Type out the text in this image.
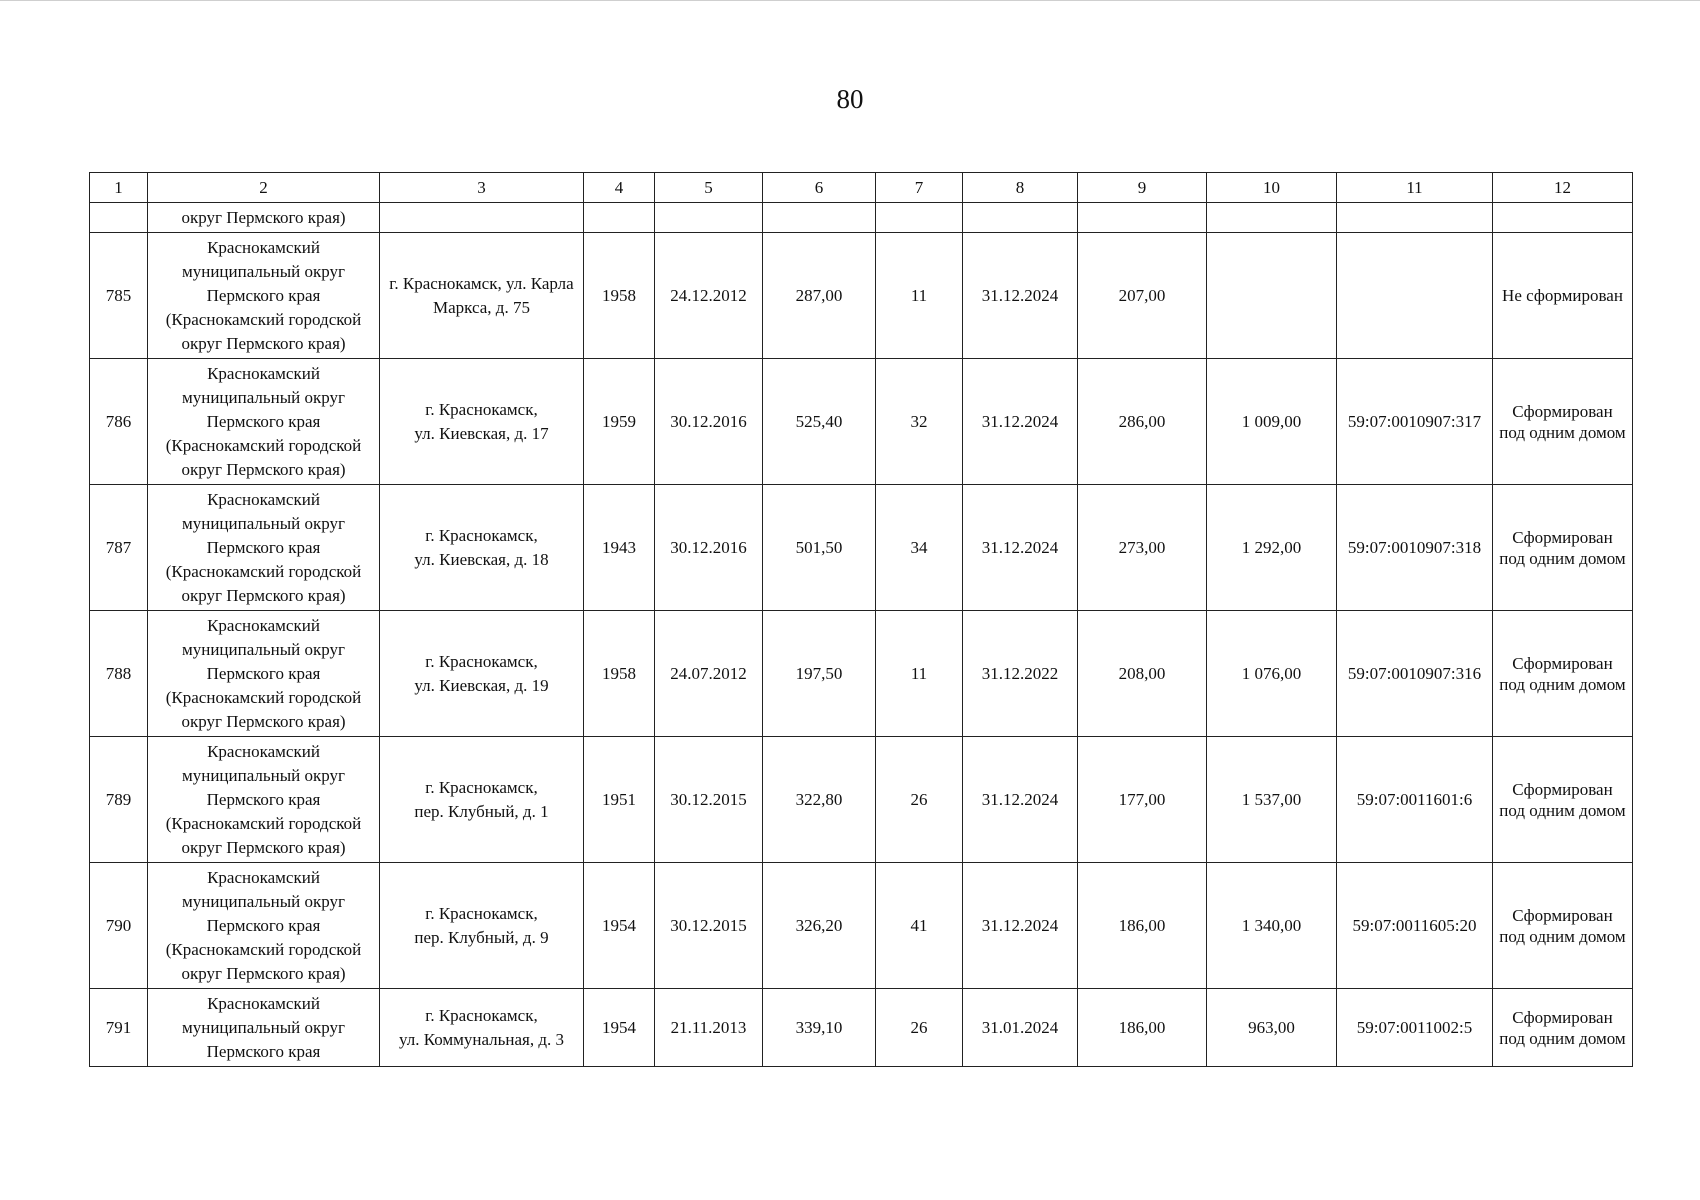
80
1	2	3	4	5	6	7	8	9	10	11	12
	округ Пермского края)										
785	Краснокамский
муниципальный округ
Пермского края
(Краснокамский городской
округ Пермского края)	г. Краснокамск, ул. Карла
Маркса, д. 75	1958	24.12.2012	287,00	11	31.12.2024	207,00			Не сформирован
786	Краснокамский
муниципальный округ
Пермского края
(Краснокамский городской
округ Пермского края)	г. Краснокамск,
ул. Киевская, д. 17	1959	30.12.2016	525,40	32	31.12.2024	286,00	1 009,00	59:07:0010907:317	Сформирован
под одним домом
787	Краснокамский
муниципальный округ
Пермского края
(Краснокамский городской
округ Пермского края)	г. Краснокамск,
ул. Киевская, д. 18	1943	30.12.2016	501,50	34	31.12.2024	273,00	1 292,00	59:07:0010907:318	Сформирован
под одним домом
788	Краснокамский
муниципальный округ
Пермского края
(Краснокамский городской
округ Пермского края)	г. Краснокамск,
ул. Киевская, д. 19	1958	24.07.2012	197,50	11	31.12.2022	208,00	1 076,00	59:07:0010907:316	Сформирован
под одним домом
789	Краснокамский
муниципальный округ
Пермского края
(Краснокамский городской
округ Пермского края)	г. Краснокамск,
пер. Клубный, д. 1	1951	30.12.2015	322,80	26	31.12.2024	177,00	1 537,00	59:07:0011601:6	Сформирован
под одним домом
790	Краснокамский
муниципальный округ
Пермского края
(Краснокамский городской
округ Пермского края)	г. Краснокамск,
пер. Клубный, д. 9	1954	30.12.2015	326,20	41	31.12.2024	186,00	1 340,00	59:07:0011605:20	Сформирован
под одним домом
791	Краснокамский
муниципальный округ
Пермского края	г. Краснокамск,
ул. Коммунальная, д. 3	1954	21.11.2013	339,10	26	31.01.2024	186,00	963,00	59:07:0011002:5	Сформирован
под одним домом
